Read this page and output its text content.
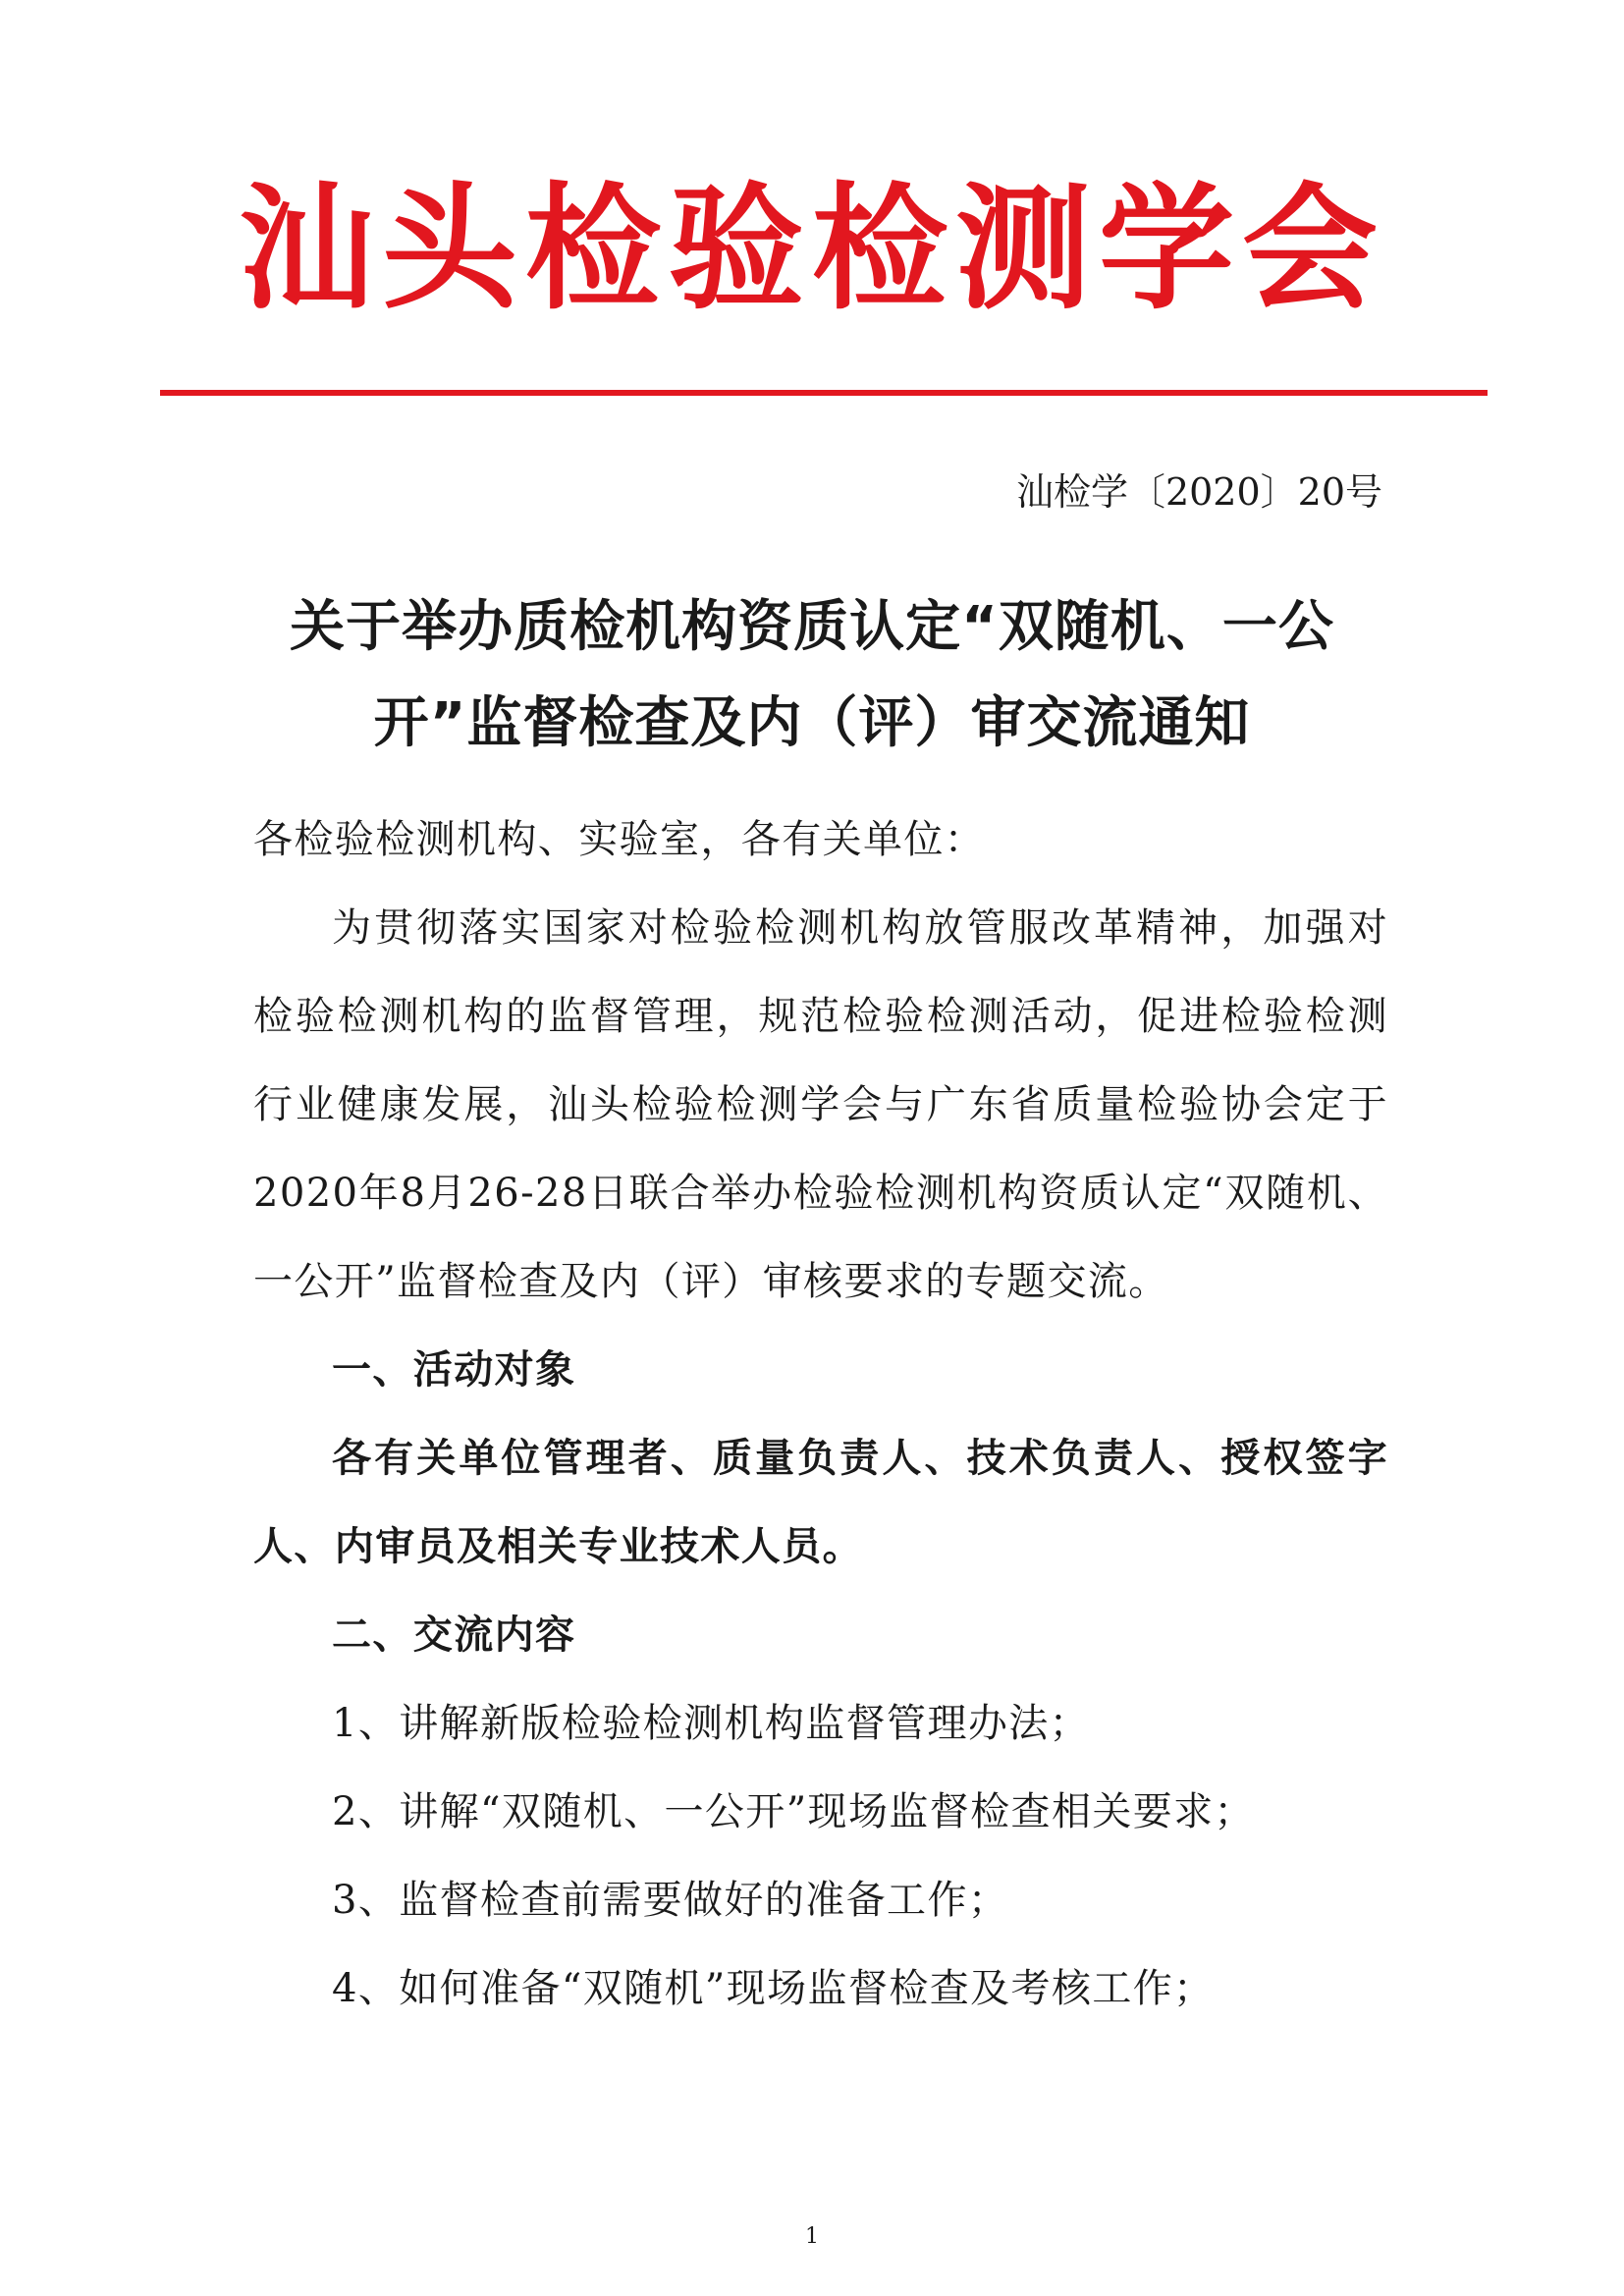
汕头检验检测学会
汕检学〔2020〕20号
关于举办质检机构资质认定“双随机、一公
开”监督检查及内（评）审交流通知

各检验检测机构、实验室，各有关单位：

为贯彻落实国家对检验检测机构放管服改革精神，加强对检验检测机构的监督管理，规范检验检测活动，促进检验检测行业健康发展，汕头检验检测学会与广东省质量检验协会定于2020年8月26-28日联合举办检验检测机构资质认定“双随机、一公开”监督检查及内（评）审核要求的专题交流。

一、活动对象

各有关单位管理者、质量负责人、技术负责人、授权签字人、内审员及相关专业技术人员。

二、交流内容

1、讲解新版检验检测机构监督管理办法；

2、讲解“双随机、一公开”现场监督检查相关要求；

3、监督检查前需要做好的准备工作；

4、如何准备“双随机”现场监督检查及考核工作；

1
